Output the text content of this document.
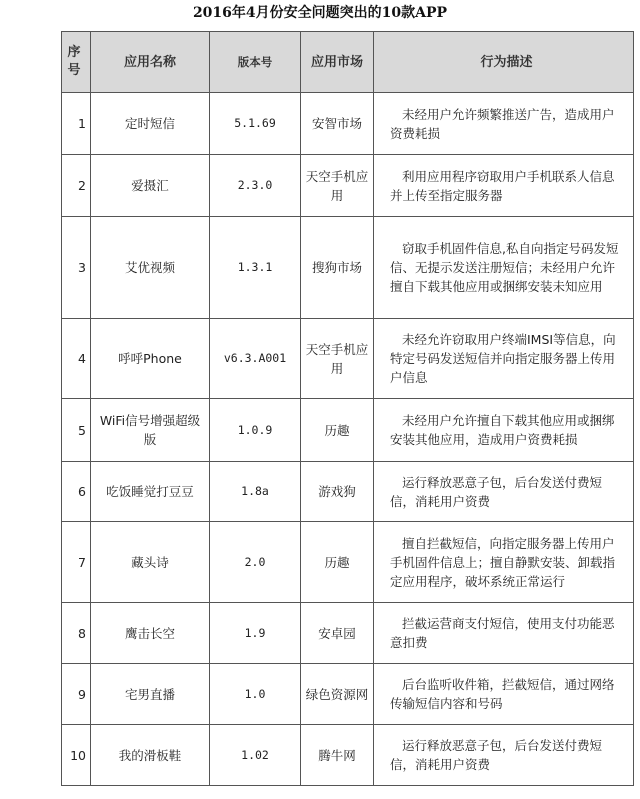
2016年4月份安全问题突出的10款APP
序号	应用名称	版本号	应用市场	行为描述
1	定时短信	5.1.69	安智市场	未经用户允许频繁推送广告，造成用户资费耗损
2	爱摄汇	2.3.0	天空手机应用	利用应用程序窃取用户手机联系人信息并上传至指定服务器
3	艾优视频	1.3.1	搜狗市场	窃取手机固件信息,私自向指定号码发短信、无提示发送注册短信；未经用户允许擅自下载其他应用或捆绑安装未知应用
4	呼呼Phone	v6.3.A001	天空手机应用	未经允许窃取用户终端IMSI等信息，向特定号码发送短信并向指定服务器上传用户信息
5	WiFi信号增强超级版	1.0.9	历趣	未经用户允许擅自下载其他应用或捆绑安装其他应用，造成用户资费耗损
6	吃饭睡觉打豆豆	1.8a	游戏狗	运行释放恶意子包，后台发送付费短信，消耗用户资费
7	藏头诗	2.0	历趣	擅自拦截短信，向指定服务器上传用户手机固件信息上；擅自静默安装、卸载指定应用程序，破坏系统正常运行
8	鹰击长空	1.9	安卓园	拦截运营商支付短信，使用支付功能恶意扣费
9	宅男直播	1.0	绿色资源网	后台监听收件箱，拦截短信，通过网络传输短信内容和号码
10	我的滑板鞋	1.02	腾牛网	运行释放恶意子包，后台发送付费短信，消耗用户资费
